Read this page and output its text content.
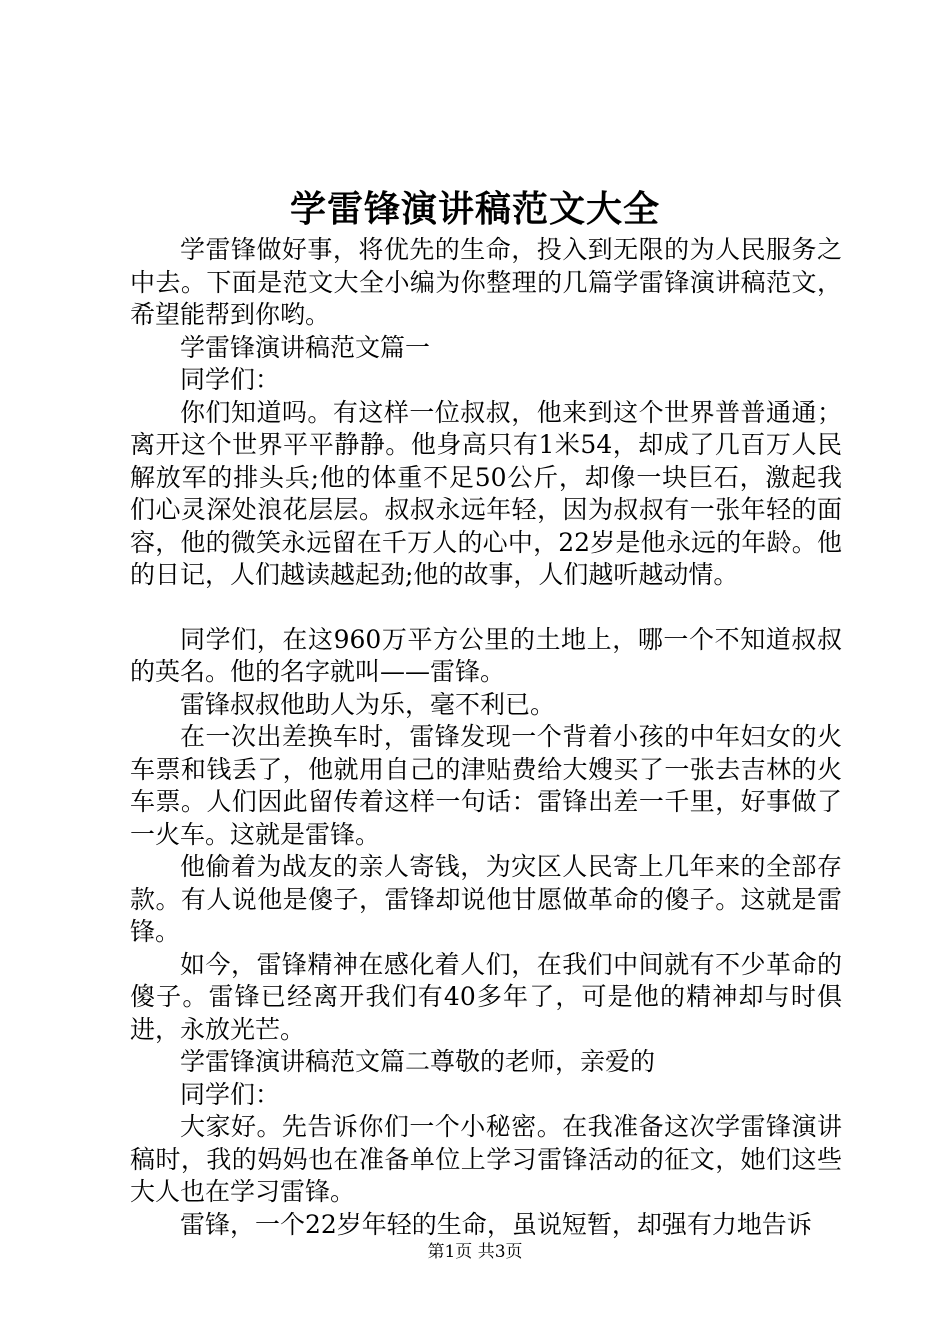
学雷锋演讲稿范文大全

学雷锋做好事，将优先的生命，投入到无限的为人民服务之中去。下面是范文大全小编为你整理的几篇学雷锋演讲稿范文，希望能帮到你哟。

学雷锋演讲稿范文篇一

同学们：

你们知道吗。有这样一位叔叔，他来到这个世界普普通通；离开这个世界平平静静。他身高只有1米54，却成了几百万人民解放军的排头兵;他的体重不足50公斤，却像一块巨石，激起我们心灵深处浪花层层。叔叔永远年轻，因为叔叔有一张年轻的面容，他的微笑永远留在千万人的心中，22岁是他永远的年龄。他的日记，人们越读越起劲;他的故事，人们越听越动情。

同学们，在这960万平方公里的土地上，哪一个不知道叔叔的英名。他的名字就叫——雷锋。

雷锋叔叔他助人为乐，毫不利已。

在一次出差换车时，雷锋发现一个背着小孩的中年妇女的火车票和钱丢了，他就用自己的津贴费给大嫂买了一张去吉林的火车票。人们因此留传着这样一句话：雷锋出差一千里，好事做了一火车。这就是雷锋。

他偷着为战友的亲人寄钱，为灾区人民寄上几年来的全部存款。有人说他是傻子，雷锋却说他甘愿做革命的傻子。这就是雷锋。

如今，雷锋精神在感化着人们，在我们中间就有不少革命的傻子。雷锋已经离开我们有40多年了，可是他的精神却与时俱进，永放光芒。

学雷锋演讲稿范文篇二尊敬的老师，亲爱的

同学们：

大家好。先告诉你们一个小秘密。在我准备这次学雷锋演讲稿时，我的妈妈也在准备单位上学习雷锋活动的征文，她们这些大人也在学习雷锋。

雷锋，一个22岁年轻的生命，虽说短暂，却强有力地告诉

第1页 共3页
